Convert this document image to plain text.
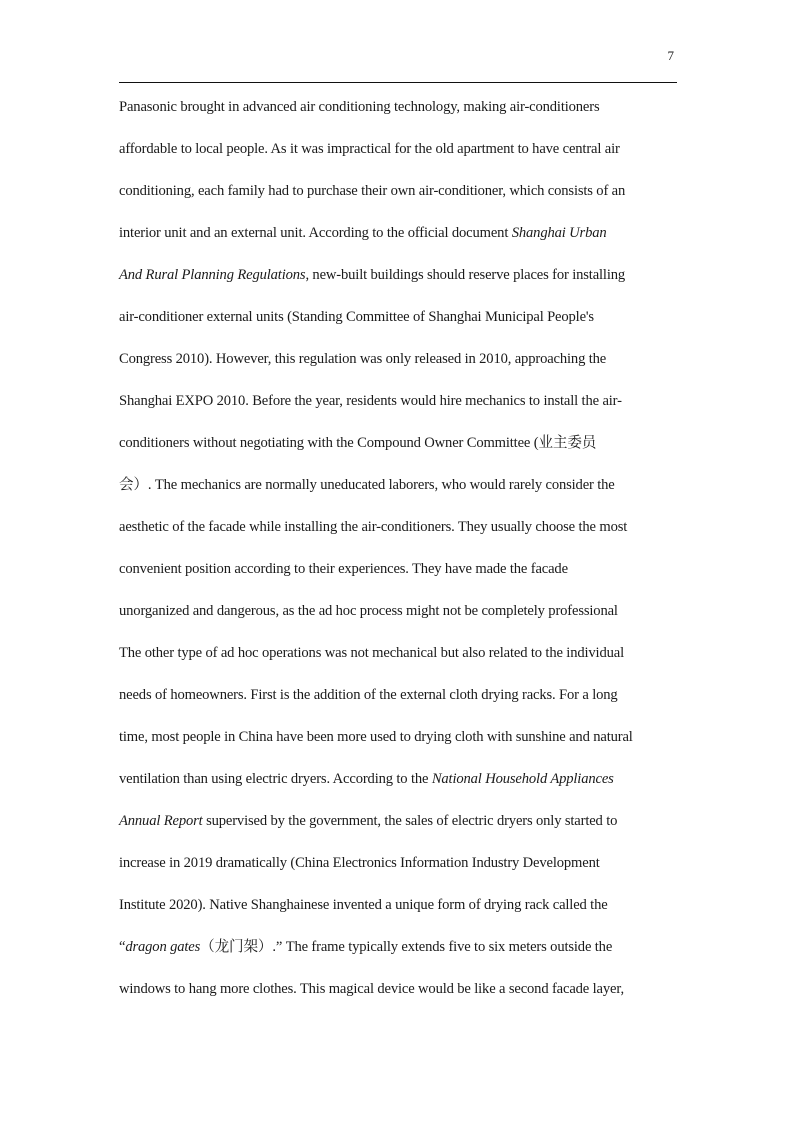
7
Panasonic brought in advanced air conditioning technology, making air-conditioners
affordable to local people. As it was impractical for the old apartment to have central air
conditioning, each family had to purchase their own air-conditioner, which consists of an
interior unit and an external unit. According to the official document Shanghai Urban
And Rural Planning Regulations, new-built buildings should reserve places for installing
air-conditioner external units (Standing Committee of Shanghai Municipal People's
Congress 2010). However, this regulation was only released in 2010, approaching the
Shanghai EXPO 2010. Before the year, residents would hire mechanics to install the air-
conditioners without negotiating with the Compound Owner Committee (业主委员
会）. The mechanics are normally uneducated laborers, who would rarely consider the
aesthetic of the facade while installing the air-conditioners. They usually choose the most
convenient position according to their experiences. They have made the facade
unorganized and dangerous, as the ad hoc process might not be completely professional
The other type of ad hoc operations was not mechanical but also related to the individual
needs of homeowners. First is the addition of the external cloth drying racks. For a long
time, most people in China have been more used to drying cloth with sunshine and natural
ventilation than using electric dryers. According to the National Household Appliances
Annual Report supervised by the government, the sales of electric dryers only started to
increase in 2019 dramatically (China Electronics Information Industry Development
Institute 2020). Native Shanghainese invented a unique form of drying rack called the
“dragon gates（龙门架）.” The frame typically extends five to six meters outside the
windows to hang more clothes. This magical device would be like a second facade layer,
